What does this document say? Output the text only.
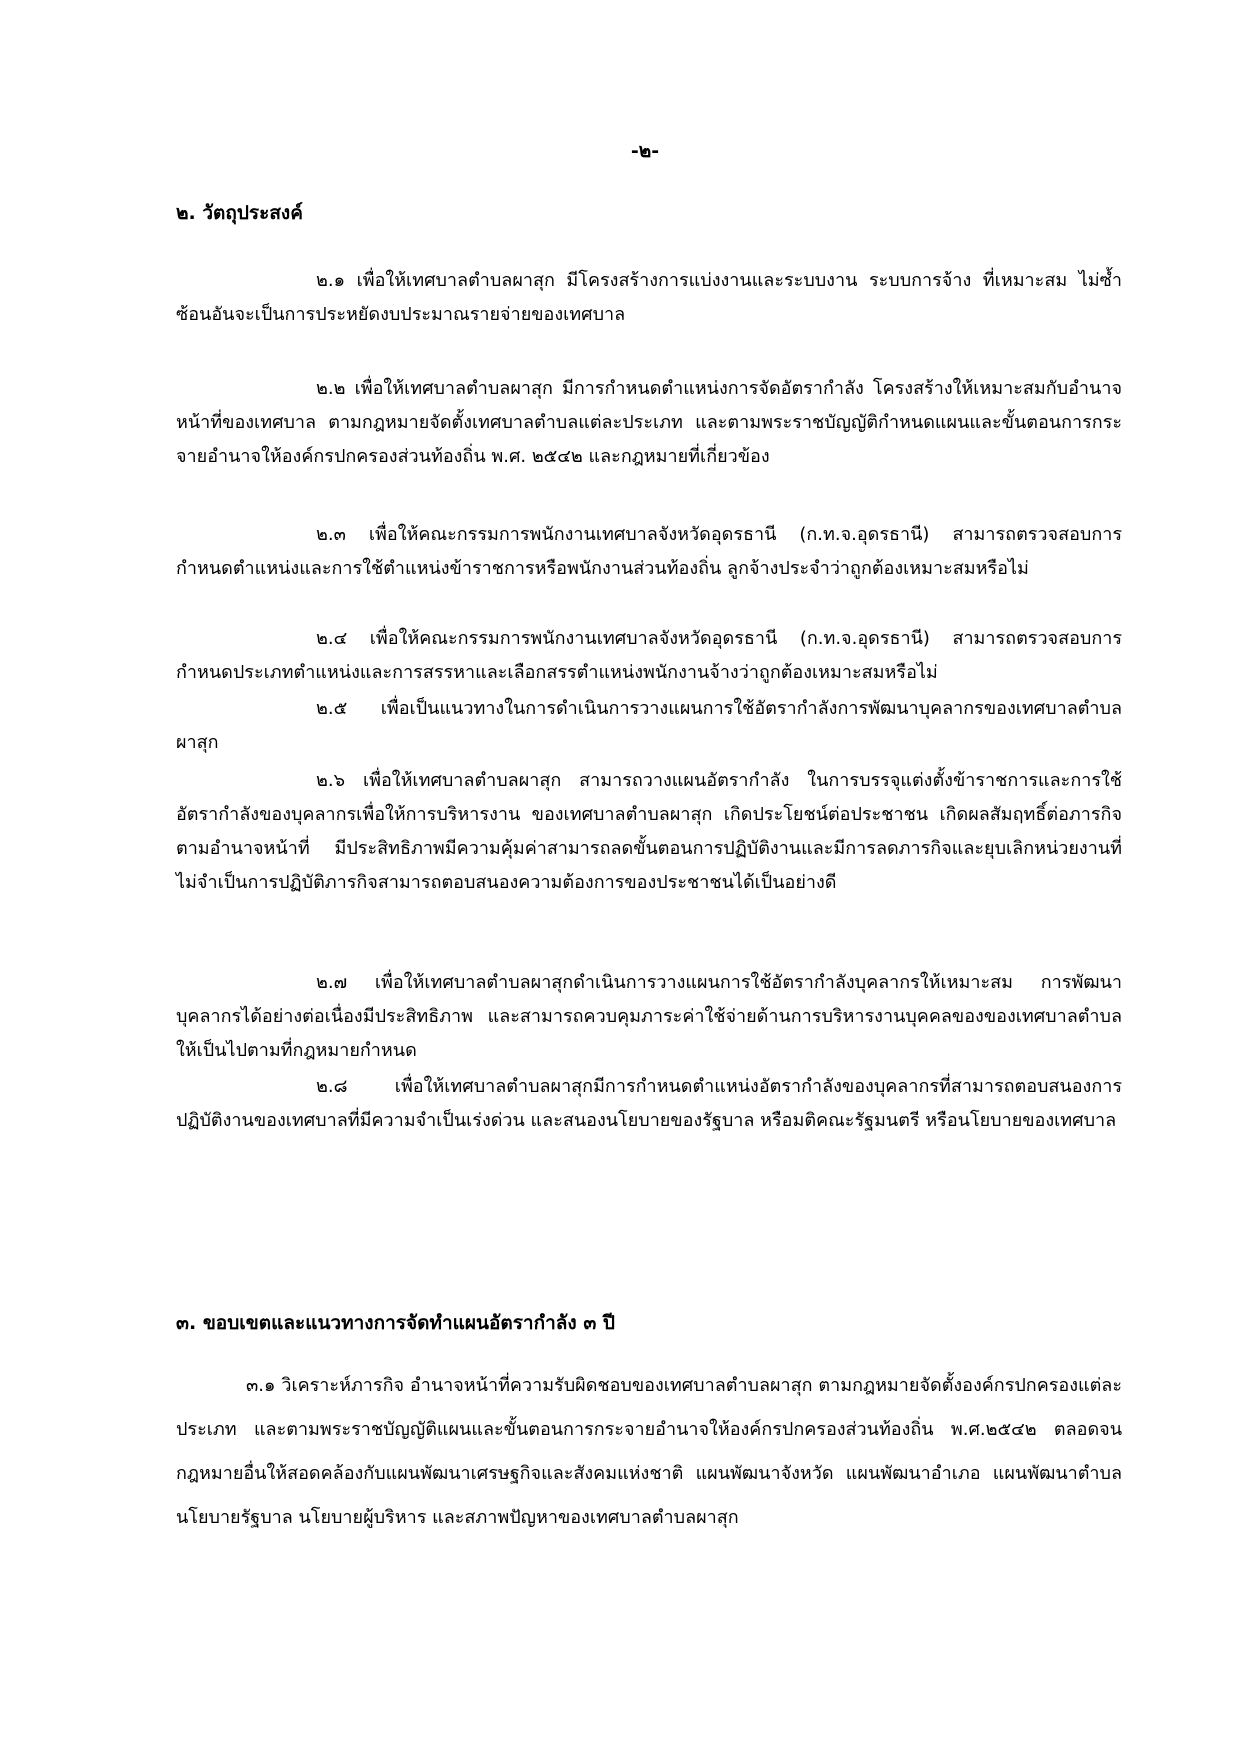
-๒-
๒. วัตถุประสงค์

๒.๑ เพื่อให้เทศบาลตำบลผาสุก มีโครงสร้างการแบ่งงานและระบบงาน ระบบการจ้าง ที่เหมาะสม ไม่ซ้ำซ้อนอันจะเป็นการประหยัดงบประมาณรายจ่ายของเทศบาล

๒.๒ เพื่อให้เทศบาลตำบลผาสุก มีการกำหนดตำแหน่งการจัดอัตรากำลัง โครงสร้างให้เหมาะสมกับอำนาจหน้าที่ของเทศบาล ตามกฎหมายจัดตั้งเทศบาลตำบลแต่ละประเภท และตามพระราชบัญญัติกำหนดแผนและขั้นตอนการกระจายอำนาจให้องค์กรปกครองส่วนท้องถิ่น พ.ศ. ๒๕๔๒ และกฎหมายที่เกี่ยวข้อง

๒.๓ เพื่อให้คณะกรรมการพนักงานเทศบาลจังหวัดอุดรธานี (ก.ท.จ.อุดรธานี) สามารถตรวจสอบการกำหนดตำแหน่งและการใช้ตำแหน่งข้าราชการหรือพนักงานส่วนท้องถิ่น ลูกจ้างประจำว่าถูกต้องเหมาะสมหรือไม่

๒.๔ เพื่อให้คณะกรรมการพนักงานเทศบาลจังหวัดอุดรธานี (ก.ท.จ.อุดรธานี) สามารถตรวจสอบการกำหนดประเภทตำแหน่งและการสรรหาและเลือกสรรตำแหน่งพนักงานจ้างว่าถูกต้องเหมาะสมหรือไม่

๒.๕ เพื่อเป็นแนวทางในการดำเนินการวางแผนการใช้อัตรากำลังการพัฒนาบุคลากรของเทศบาลตำบลผาสุก

๒.๖ เพื่อให้เทศบาลตำบลผาสุก สามารถวางแผนอัตรากำลัง ในการบรรจุแต่งตั้งข้าราชการและการใช้อัตรากำลังของบุคลากรเพื่อให้การบริหารงาน ของเทศบาลตำบลผาสุก เกิดประโยชน์ต่อประชาชน เกิดผลสัมฤทธิ์ต่อภารกิจตามอำนาจหน้าที่ มีประสิทธิภาพมีความคุ้มค่าสามารถลดขั้นตอนการปฏิบัติงานและมีการลดภารกิจและยุบเลิกหน่วยงานที่ไม่จำเป็นการปฏิบัติภารกิจสามารถตอบสนองความต้องการของประชาชนได้เป็นอย่างดี

๒.๗ เพื่อให้เทศบาลตำบลผาสุกดำเนินการวางแผนการใช้อัตรากำลังบุคลากรให้เหมาะสม การพัฒนาบุคลากรได้อย่างต่อเนื่องมีประสิทธิภาพ และสามารถควบคุมภาระค่าใช้จ่ายด้านการบริหารงานบุคคลของของเทศบาลตำบลให้เป็นไปตามที่กฎหมายกำหนด

๒.๘ เพื่อให้เทศบาลตำบลผาสุกมีการกำหนดตำแหน่งอัตรากำลังของบุคลากรที่สามารถตอบสนองการปฏิบัติงานของเทศบาลที่มีความจำเป็นเร่งด่วน และสนองนโยบายของรัฐบาล หรือมติคณะรัฐมนตรี หรือนโยบายของเทศบาล

๓. ขอบเขตและแนวทางการจัดทำแผนอัตรากำลัง ๓ ปี

๓.๑ วิเคราะห์ภารกิจ อำนาจหน้าที่ความรับผิดชอบของเทศบาลตำบลผาสุก ตามกฎหมายจัดตั้งองค์กรปกครองแต่ละประเภท และตามพระราชบัญญัติแผนและขั้นตอนการกระจายอำนาจให้องค์กรปกครองส่วนท้องถิ่น พ.ศ.๒๕๔๒ ตลอดจนกฎหมายอื่นให้สอดคล้องกับแผนพัฒนาเศรษฐกิจและสังคมแห่งชาติ แผนพัฒนาจังหวัด แผนพัฒนาอำเภอ แผนพัฒนาตำบล นโยบายรัฐบาล นโยบายผู้บริหาร และสภาพปัญหาของเทศบาลตำบลผาสุก
